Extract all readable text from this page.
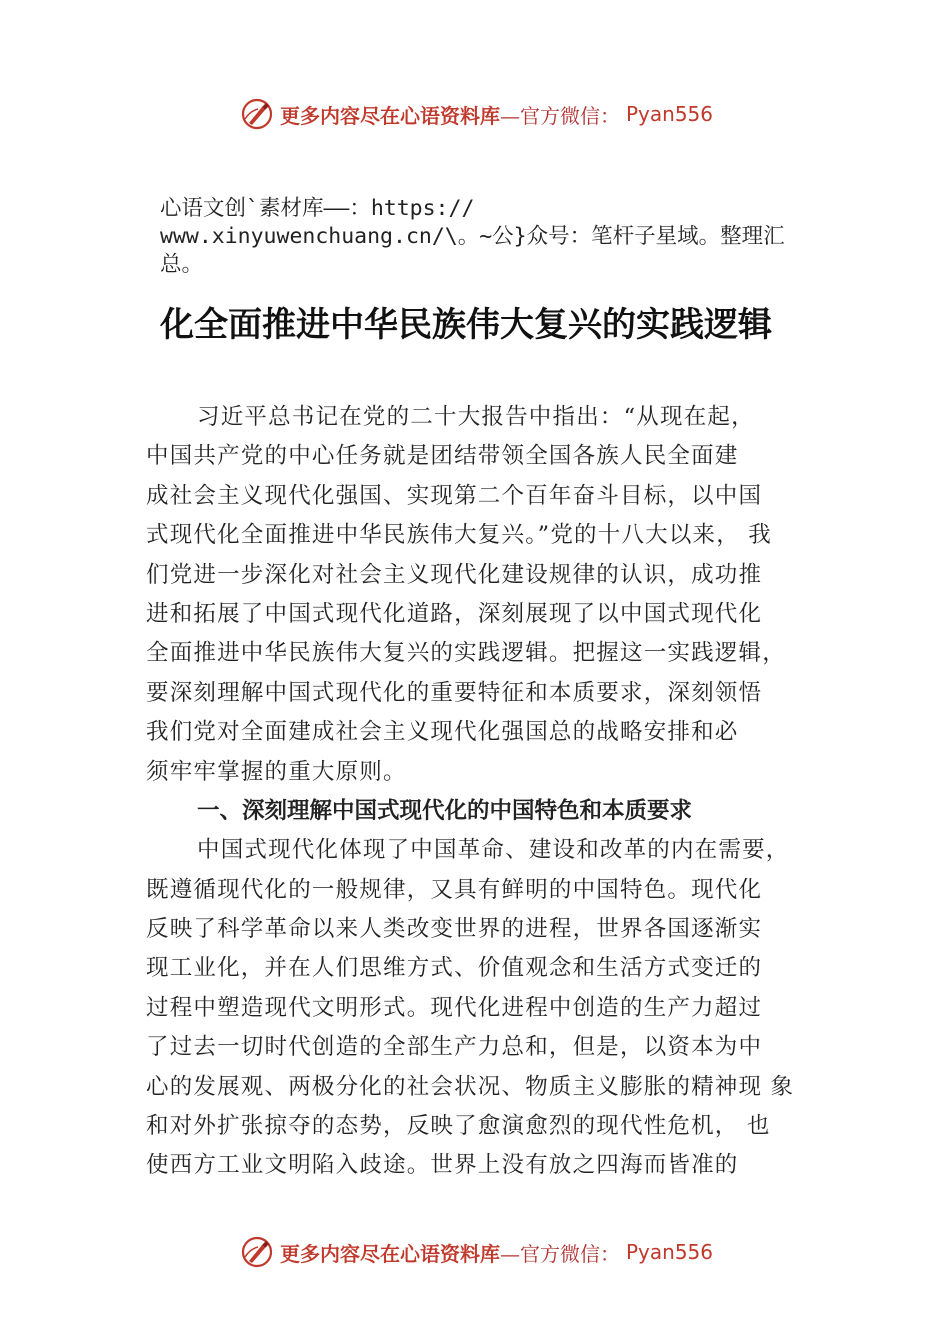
更多内容尽在心语资料库 —官方微信： Pyan556
心语文创`素材库——：https://
www.xinyuwenchuang.cn/\。~公}众号：笔杆子星域。整理汇
总。
化全面推进中华民族伟大复兴的实践逻辑
习近平总书记在党的二十大报告中指出：“从现在起，
中国共产党的中心任务就是团结带领全国各族人民全面建
成社会主义现代化强国、实现第二个百年奋斗目标，以中国
式现代化全面推进中华民族伟大复兴。”党的十八大以来， 我
们党进一步深化对社会主义现代化建设规律的认识，成功推
进和拓展了中国式现代化道路，深刻展现了以中国式现代化
全面推进中华民族伟大复兴的实践逻辑。把握这一实践逻辑，
要深刻理解中国式现代化的重要特征和本质要求，深刻领悟
我们党对全面建成社会主义现代化强国总的战略安排和必
须牢牢掌握的重大原则。
一、深刻理解中国式现代化的中国特色和本质要求
中国式现代化体现了中国革命、建设和改革的内在需要，
既遵循现代化的一般规律，又具有鲜明的中国特色。现代化
反映了科学革命以来人类改变世界的进程，世界各国逐渐实
现工业化，并在人们思维方式、价值观念和生活方式变迁的
过程中塑造现代文明形式。现代化进程中创造的生产力超过
了过去一切时代创造的全部生产力总和，但是，以资本为中
心的发展观、两极分化的社会状况、物质主义膨胀的精神现 象
和对外扩张掠夺的态势，反映了愈演愈烈的现代性危机， 也
使西方工业文明陷入歧途。世界上没有放之四海而皆准的
更多内容尽在心语资料库 —官方微信： Pyan556
